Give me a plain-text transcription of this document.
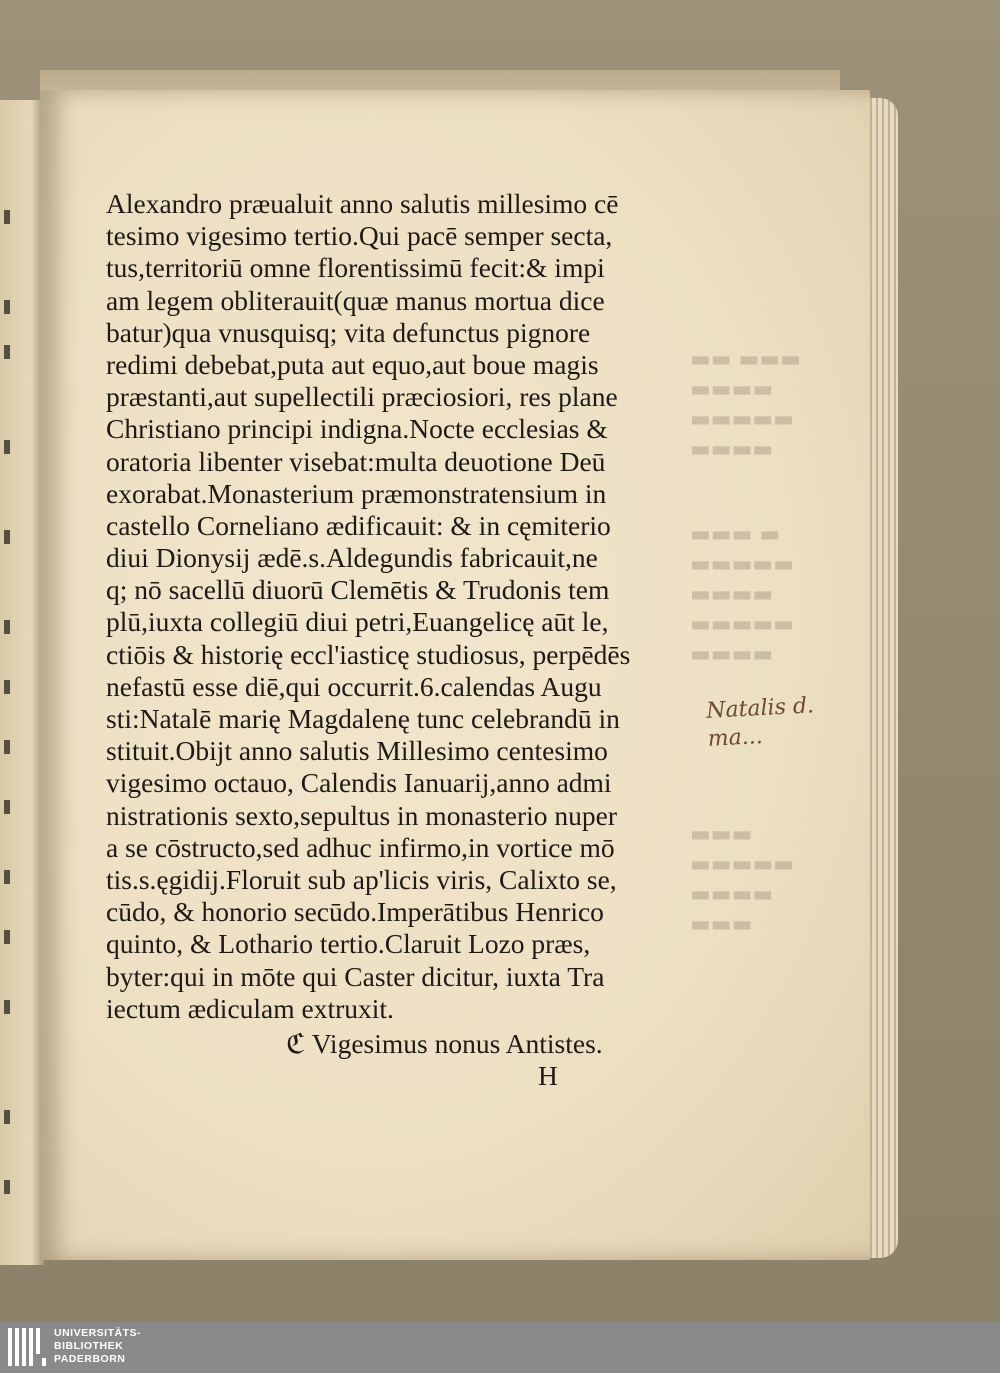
▬▬ ▬▬▬
▬▬▬▬
▬▬▬▬▬
▬▬▬▬
▬▬▬ ▬
▬▬▬▬▬
▬▬▬▬
▬▬▬▬▬
▬▬▬▬
▬▬▬
▬▬▬▬▬
▬▬▬▬
▬▬▬
Alexandro præualuit anno salutis millesimo cē
tesimo vigesimo tertio.Qui pacē semper secta,
tus,territoriū omne florentissimū fecit:& impi
am legem obliterauit(quæ manus mortua dice
batur)qua vnusquisq; vita defunctus pignore
redimi debebat,puta aut equo,aut boue magis
præstanti,aut supellectili præciosiori, res plane
Christiano principi indigna.Nocte ecclesias &
oratoria libenter visebat:multa deuotione Deū
exorabat.Monasterium præmonstratensium in
castello Corneliano ædificauit: & in cęmiterio
diui Dionysij ædē.s.Aldegundis fabricauit,ne
q; nō sacellū diuorū Clemētis & Trudonis tem
plū,iuxta collegiū diui petri,Euangelicę aūt le,
ctiōis & historię eccl'iasticę studiosus, perpēdēs
nefastū esse diē,qui occurrit.6.calendas Augu
sti:Natalē marię Magdalenę tunc celebrandū in
stituit.Obijt anno salutis Millesimo centesimo
vigesimo octauo, Calendis Ianuarij,anno admi
nistrationis sexto,sepultus in monasterio nuper
a se cōstructo,sed adhuc infirmo,in vortice mō
tis.s.ęgidij.Floruit sub ap'licis viris, Calixto se,
cūdo, & honorio secūdo.Imperātibus Henrico
quinto, & Lothario tertio.Claruit Lozo præs,
byter:qui in mōte qui Caster dicitur, iuxta Tra
iectum ædiculam extruxit.
ℭ Vigesimus nonus Antistes.
H
Natalis d.
ma...
UNIVERSITÄTS-
BIBLIOTHEK
PADERBORN
